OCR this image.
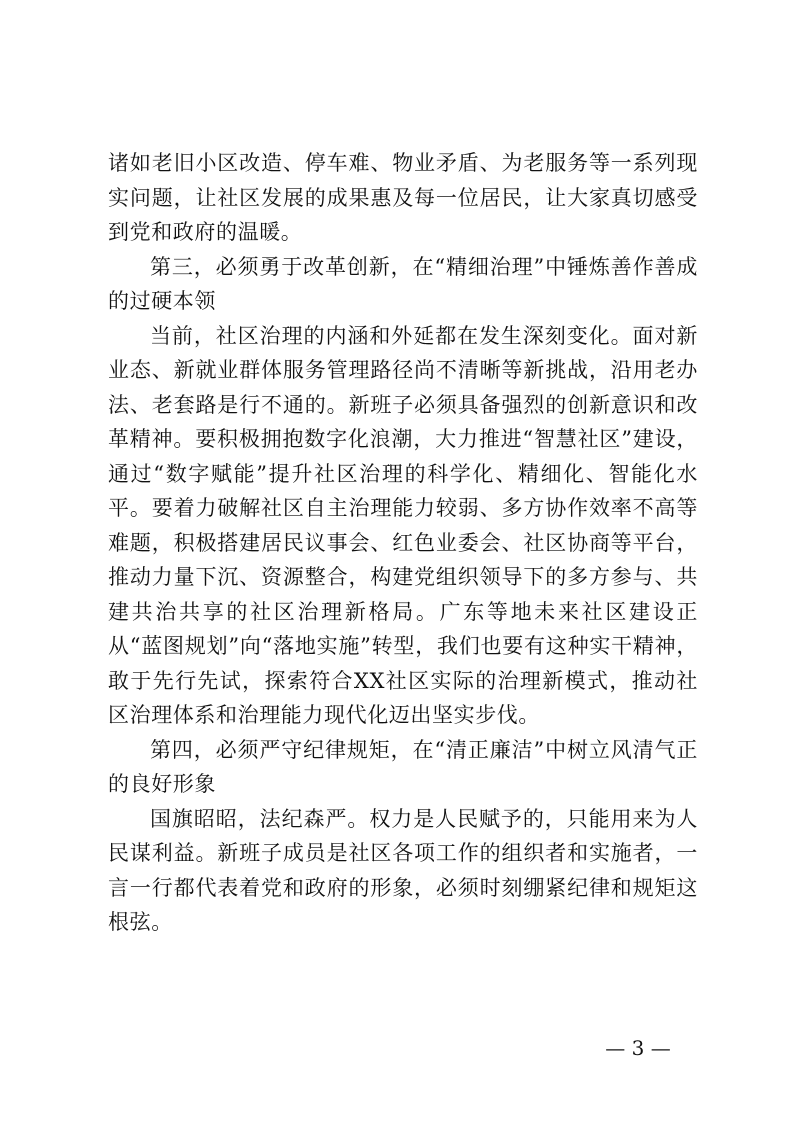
诸如老旧小区改造、停车难、物业矛盾、为老服务等一系列现实问题，让社区发展的成果惠及每一位居民，让大家真切感受到党和政府的温暖。

第三，必须勇于改革创新，在“精细治理”中锤炼善作善成的过硬本领

当前，社区治理的内涵和外延都在发生深刻变化。面对新业态、新就业群体服务管理路径尚不清晰等新挑战，沿用老办法、老套路是行不通的。新班子必须具备强烈的创新意识和改革精神。要积极拥抱数字化浪潮，大力推进“智慧社区”建设，通过“数字赋能”提升社区治理的科学化、精细化、智能化水平。要着力破解社区自主治理能力较弱、多方协作效率不高等难题，积极搭建居民议事会、红色业委会、社区协商等平台，推动力量下沉、资源整合，构建党组织领导下的多方参与、共建共治共享的社区治理新格局。广东等地未来社区建设正从“蓝图规划”向“落地实施”转型，我们也要有这种实干精神，敢于先行先试，探索符合XX社区实际的治理新模式，推动社区治理体系和治理能力现代化迈出坚实步伐。

第四，必须严守纪律规矩，在“清正廉洁”中树立风清气正的良好形象

国旗昭昭，法纪森严。权力是人民赋予的，只能用来为人民谋利益。新班子成员是社区各项工作的组织者和实施者，一言一行都代表着党和政府的形象，必须时刻绷紧纪律和规矩这根弦。

— 3 —
